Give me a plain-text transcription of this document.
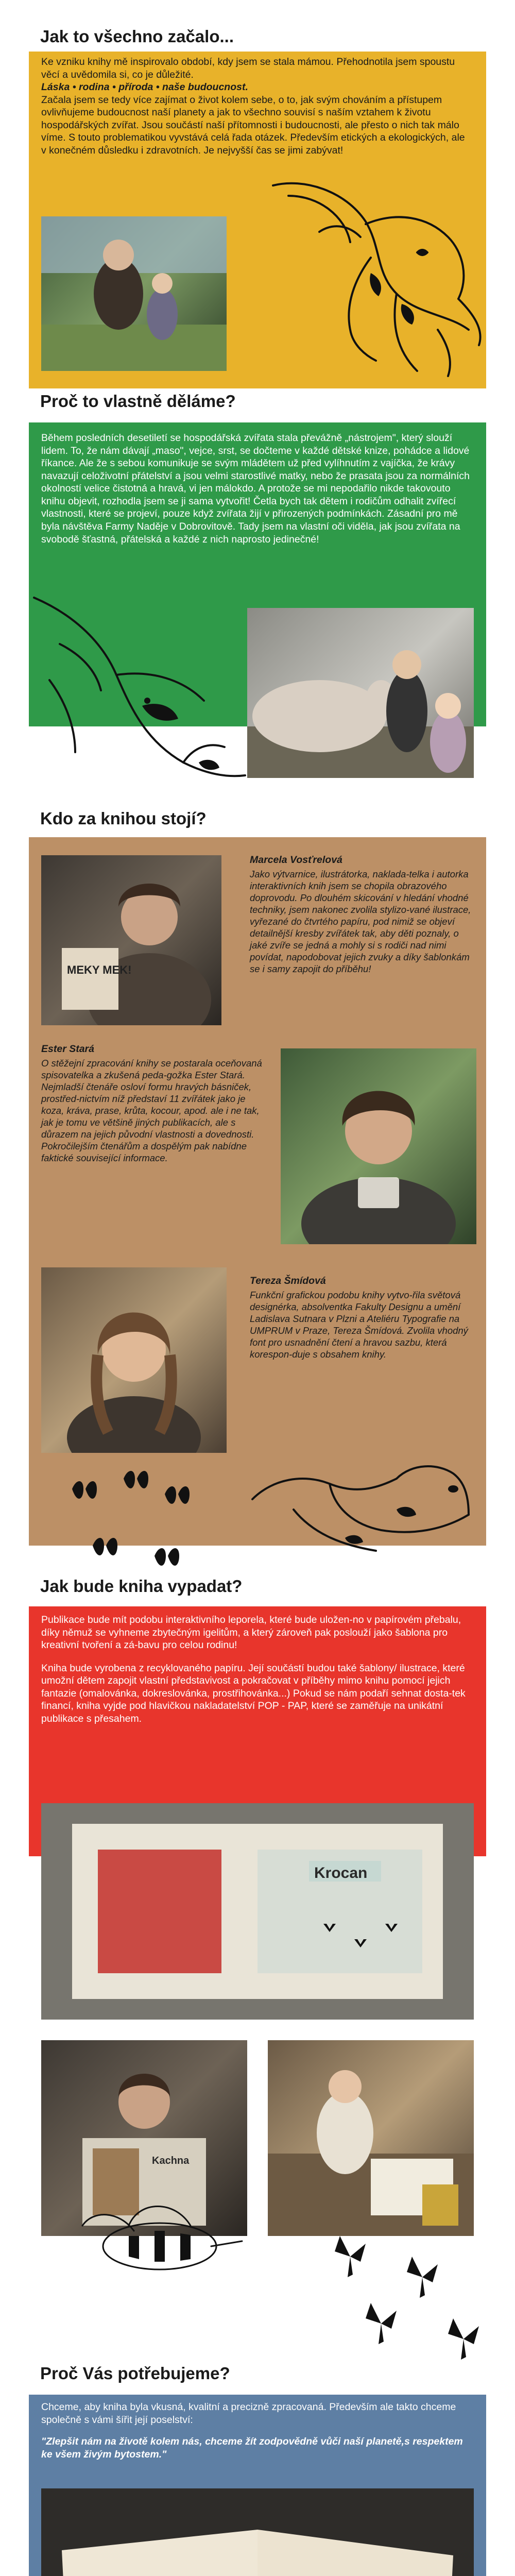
Jak to všechno začalo...

Ke vzniku knihy mě inspirovalo období, kdy jsem se stala mámou. Přehodnotila jsem spoustu věcí a uvědomila si, co je důležité.

Láska • rodina • příroda • naše budoucnost.

Začala jsem se tedy více zajímat o život kolem sebe, o to, jak svým chováním a přístupem ovlivňujeme budoucnost naší planety a jak to všechno souvisí s naším vztahem k životu hospodářských zvířat. Jsou součástí naší přítomnosti i budoucnosti, ale přesto o nich tak málo víme. S touto problematikou vyvstává celá řada otázek. Především etických a ekologických, ale v konečném důsledku i zdravotních. Je nejvyšší čas se jimi zabývat!

Proč to vlastně děláme?

Během posledních desetiletí se hospodářská zvířata stala převážně „nástrojem", který slouží lidem. To, že nám dávají „maso", vejce, srst, se dočteme v každé dětské knize, pohádce a lidové říkance. Ale že s sebou komunikuje se svým mládětem už před vylíhnutím z vajíčka, že krávy navazují celoživotní přátelství a jsou velmi starostlivé matky, nebo že prasata jsou za normálních okolností velice čistotná a hravá, vi jen málokdo. A protože se mi nepodařilo nikde takovouto knihu objevit, rozhodla jsem se ji sama vytvořit! Četla bych tak dětem i rodičům odhalit zvířecí vlastnosti, které se projeví, pouze když zvířata žijí v přirozených podmínkách. Zásadní pro mě byla návštěva Farmy Naděje v Dobrovitově. Tady jsem na vlastní oči viděla, jak jsou zvířata na svobodě šťastná, přátelská a každé z nich naprosto jedinečné!

Kdo za knihou stojí?
MEKY MEK!
Marcela Vosťrelová

Jako výtvarnice, ilustrátorka, naklada-telka i autorka interaktivních knih jsem se chopila obrazového doprovodu. Po dlouhém skicování v hledání vhodné techniky, jsem nakonec zvolila stylizo-vané ilustrace, vyřezané do čtvrtého papíru, pod nimiž se objeví detailnější kresby zvířátek tak, aby děti poznaly, o jaké zvíře se jedná a mohly si s rodiči nad nimi povídat, napodobovat jejich zvuky a díky šablonkám se i samy zapojit do příběhu!

Ester Stará

O stěžejní zpracování knihy se postarala oceňovaná spisovatelka a zkušená peda-gožka Ester Stará. Nejmladší čtenáře osloví formu hravých básniček, prostřed-nictvím níž představí 11 zvířátek jako je koza, kráva, prase, krůta, kocour, apod. ale i ne tak, jak je tomu ve většině jiných publikacích, ale s důrazem na jejich původní vlastnosti a dovednosti. Pokročilejším čtenářům a dospělým pak nabídne faktické související informace.

Tereza Šmídová

Funkční grafickou podobu knihy vytvo-řila světová designérka, absolventka Fakulty Designu a umění Ladislava Sutnara v Plzni a Ateliéru Typografie na UMPRUM v Praze, Tereza Šmídová. Zvolila vhodný font pro usnadnění čtení a hravou sazbu, která korespon-duje s obsahem knihy.

Jak bude kniha vypadat?

Publikace bude mít podobu interaktivního leporela, které bude uložen-no v papírovém přebalu, díky němuž se vyhneme zbytečným igelitům, a který zároveň pak poslouží jako šablona pro kreativní tvoření a zá-bavu pro celou rodinu!

Kniha bude vyrobena z recyklovaného papíru. Její součástí budou také šablony/ ilustrace, které umožní dětem zapojit vlastní představivost a pokračovat v příběhy mimo knihu pomocí jejich fantazie (omalovánka, dokreslovánka, prostřihovánka...) Pokud se nám podaří sehnat dosta-tek financí, kniha vyjde pod hlavičkou nakladatelství POP - PAP, které se zaměřuje na unikátní publikace s přesahem.

Krocan
Kachna
Proč Vás potřebujeme?

Chceme, aby kniha byla vkusná, kvalitní a precizně zpracovaná. Především ale takto chceme společně s vámi šířit její poselství:

"Zlepšit nám na životě kolem nás, chceme žít zodpovědně vůči naší planetě,s respektem ke všem živým bytostem."
